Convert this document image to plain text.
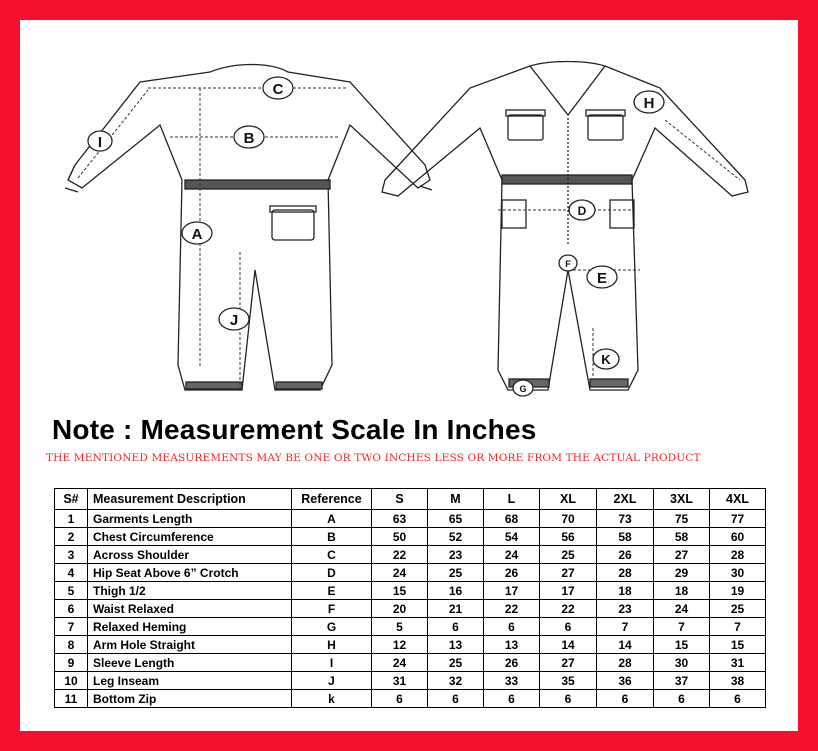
C
B
A
J
I
H
D
E
F
K
G
Note : Measurement Scale In Inches
THE MENTIONED MEASUREMENTS MAY BE ONE OR TWO INCHES LESS OR MORE FROM THE ACTUAL PRODUCT
S#	Measurement Description	Reference	S	M	L	XL	2XL	3XL	4XL
1	Garments Length	A	63	65	68	70	73	75	77
2	Chest Circumference	B	50	52	54	56	58	58	60
3	Across Shoulder	C	22	23	24	25	26	27	28
4	Hip Seat Above 6” Crotch	D	24	25	26	27	28	29	30
5	Thigh 1/2	E	15	16	17	17	18	18	19
6	Waist Relaxed	F	20	21	22	22	23	24	25
7	Relaxed Heming	G	5	6	6	6	7	7	7
8	Arm Hole Straight	H	12	13	13	14	14	15	15
9	Sleeve Length	I	24	25	26	27	28	30	31
10	Leg Inseam	J	31	32	33	35	36	37	38
11	Bottom Zip	k	6	6	6	6	6	6	6
